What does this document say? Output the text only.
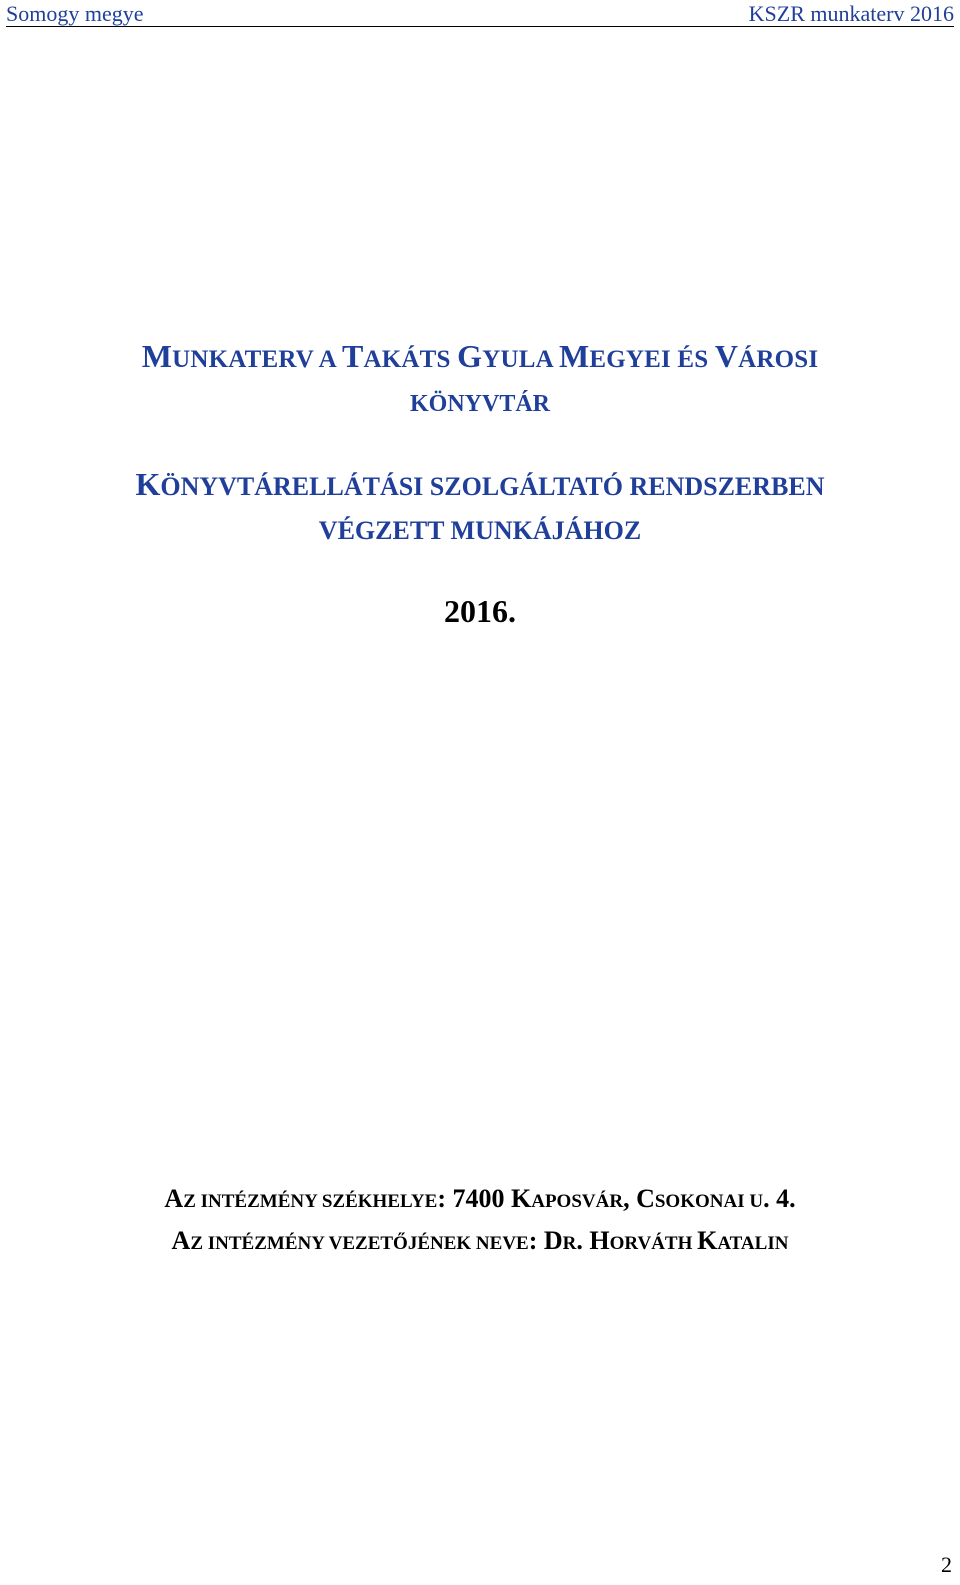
Somogy megye	KSZR munkaterv 2016
MUNKATERV A TAKÁTS GYULA MEGYEI ÉS VÁROSI
KÖNYVTÁR
KÖNYVTÁRELLÁTÁSI SZOLGÁLTATÓ RENDSZERBEN
VÉGZETT MUNKÁJÁHOZ
2016.
AZ INTÉZMÉNY SZÉKHELYE: 7400 KAPOSVÁR, CSOKONAI U. 4.
AZ INTÉZMÉNY VEZETŐJÉNEK NEVE: DR. HORVÁTH KATALIN
2
